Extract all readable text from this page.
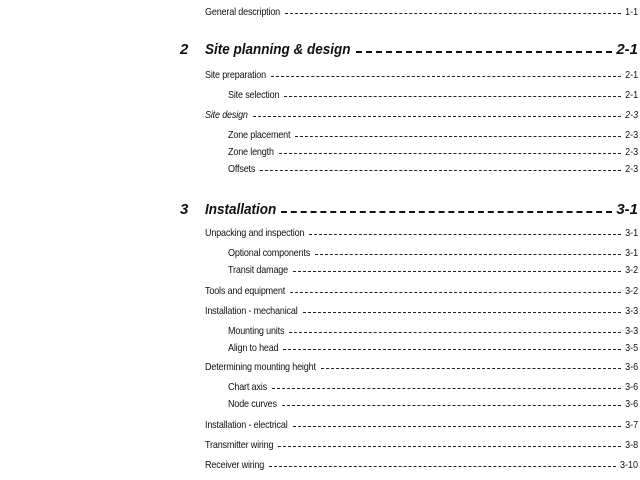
General description	1-1
2 Site planning & design	2-1
Site preparation	2-1
Site selection	2-1
Site design	2-3
Zone placement	2-3
Zone length	2-3
Offsets	2-3
3 Installation	3-1
Unpacking and inspection	3-1
Optional components	3-1
Transit damage	3-2
Tools and equipment	3-2
Installation - mechanical	3-3
Mounting units	3-3
Align to head	3-5
Determining mounting height	3-6
Chart axis	3-6
Node curves	3-6
Installation - electrical	3-7
Transmitter wiring	3-8
Receiver wiring	3-10
